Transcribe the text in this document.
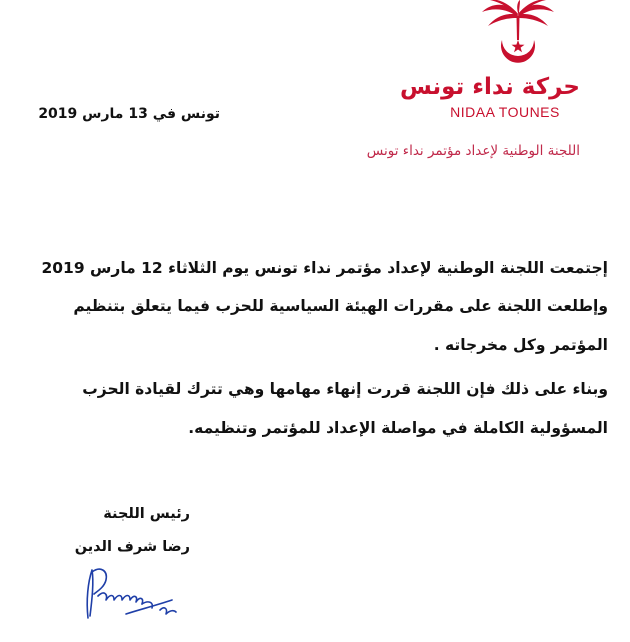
حركة نداء تونس
NIDAA TOUNES
تونس في 13 مارس 2019
اللجنة الوطنية لإعداد مؤتمر نداء تونس
إجتمعت اللجنة الوطنية لإعداد مؤتمر نداء تونس يوم الثلاثاء 12 مارس 2019
وإطلعت اللجنة على مقررات الهيئة السياسية للحزب فيما يتعلق بتنظيم
المؤتمر وكل مخرجاته .
وبناء على ذلك فإن اللجنة قررت إنهاء مهامها وهي تترك لقيادة الحزب
المسؤولية الكاملة في مواصلة الإعداد للمؤتمر وتنظيمه.
رئيس اللجنة
رضا شرف الدين
